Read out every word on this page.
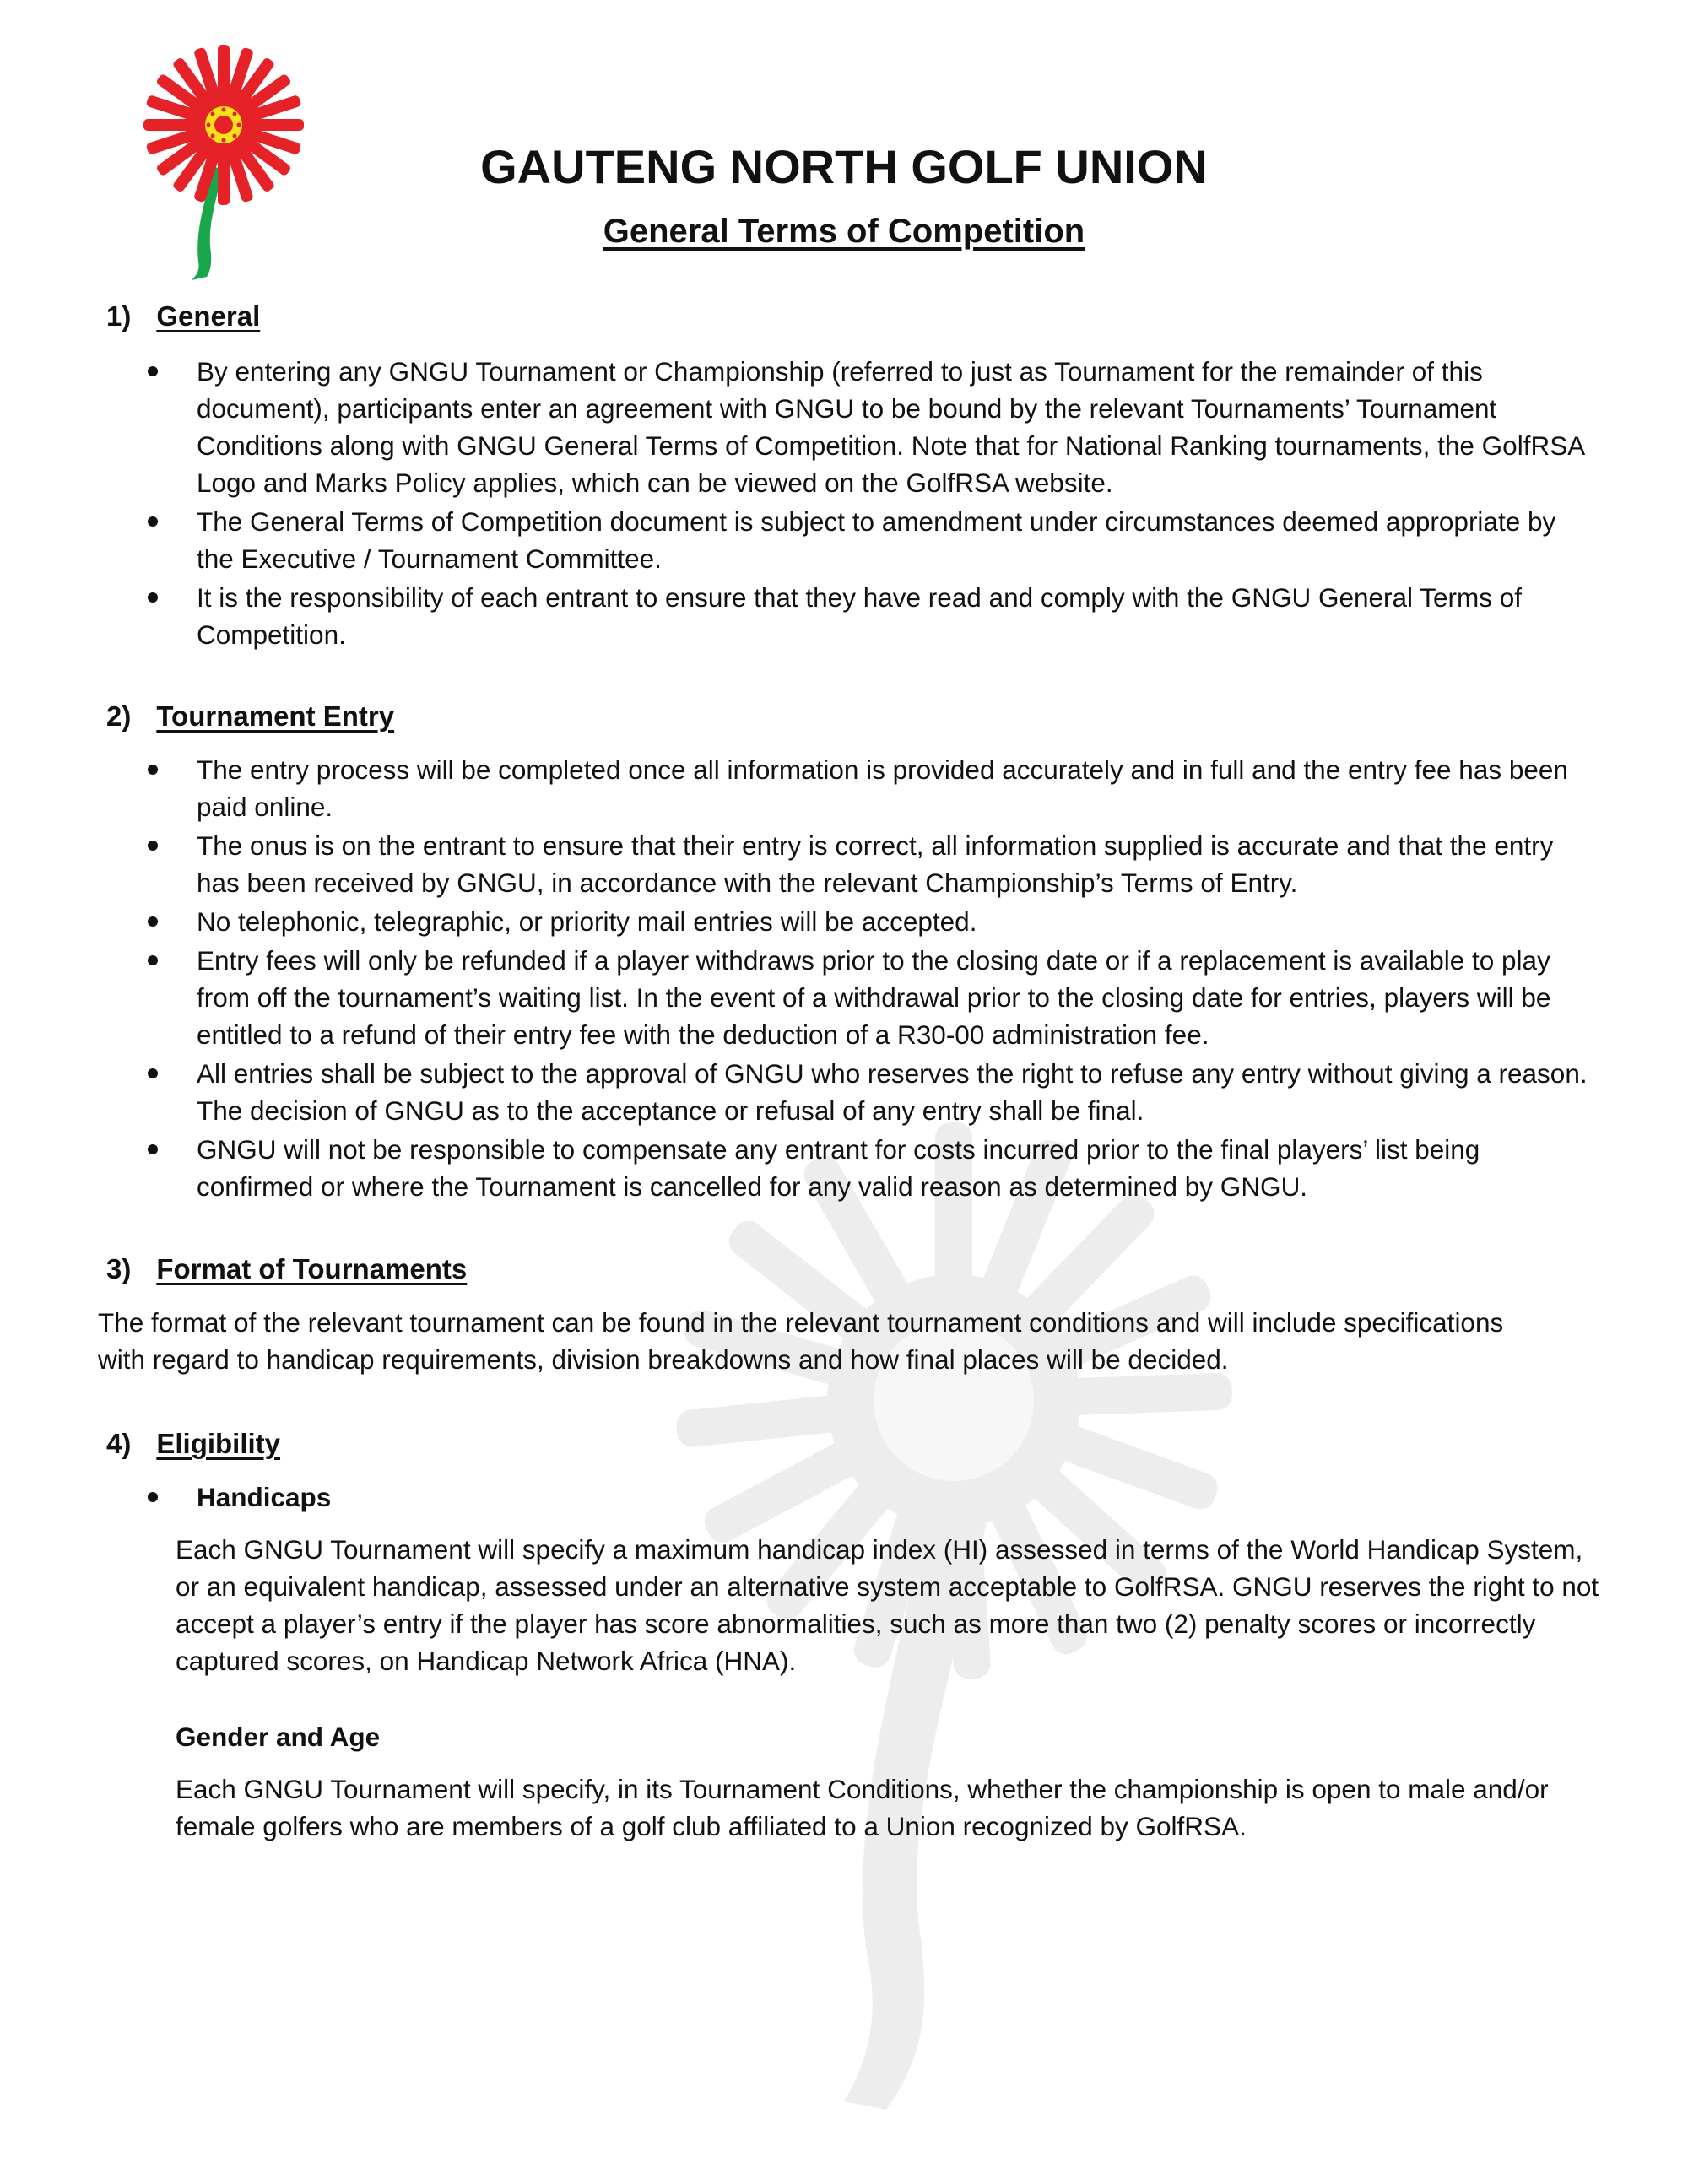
GAUTENG NORTH GOLF UNION
General Terms of Competition
1) General
By entering any GNGU Tournament or Championship (referred to just as Tournament for the remainder of this document), participants enter an agreement with GNGU to be bound by the relevant Tournaments’ Tournament Conditions along with GNGU General Terms of Competition. Note that for National Ranking tournaments, the GolfRSA Logo and Marks Policy applies, which can be viewed on the GolfRSA website.
The General Terms of Competition document is subject to amendment under circumstances deemed appropriate by the Executive / Tournament Committee.
It is the responsibility of each entrant to ensure that they have read and comply with the GNGU General Terms of Competition.
2) Tournament Entry
The entry process will be completed once all information is provided accurately and in full and the entry fee has been paid online.
The onus is on the entrant to ensure that their entry is correct, all information supplied is accurate and that the entry has been received by GNGU, in accordance with the relevant Championship’s Terms of Entry.
No telephonic, telegraphic, or priority mail entries will be accepted.
Entry fees will only be refunded if a player withdraws prior to the closing date or if a replacement is available to play from off the tournament’s waiting list. In the event of a withdrawal prior to the closing date for entries, players will be entitled to a refund of their entry fee with the deduction of a R30-00 administration fee.
All entries shall be subject to the approval of GNGU who reserves the right to refuse any entry without giving a reason. The decision of GNGU as to the acceptance or refusal of any entry shall be final.
GNGU will not be responsible to compensate any entrant for costs incurred prior to the final players’ list being confirmed or where the Tournament is cancelled for any valid reason as determined by GNGU.
3) Format of Tournaments

The format of the relevant tournament can be found in the relevant tournament conditions and will include specifications with regard to handicap requirements, division breakdowns and how final places will be decided.

4) Eligibility
Handicaps

Each GNGU Tournament will specify a maximum handicap index (HI) assessed in terms of the World Handicap System, or an equivalent handicap, assessed under an alternative system acceptable to GolfRSA. GNGU reserves the right to not accept a player’s entry if the player has score abnormalities, such as more than two (2) penalty scores or incorrectly captured scores, on Handicap Network Africa (HNA).

Gender and Age

Each GNGU Tournament will specify, in its Tournament Conditions, whether the championship is open to male and/or female golfers who are members of a golf club affiliated to a Union recognized by GolfRSA.
